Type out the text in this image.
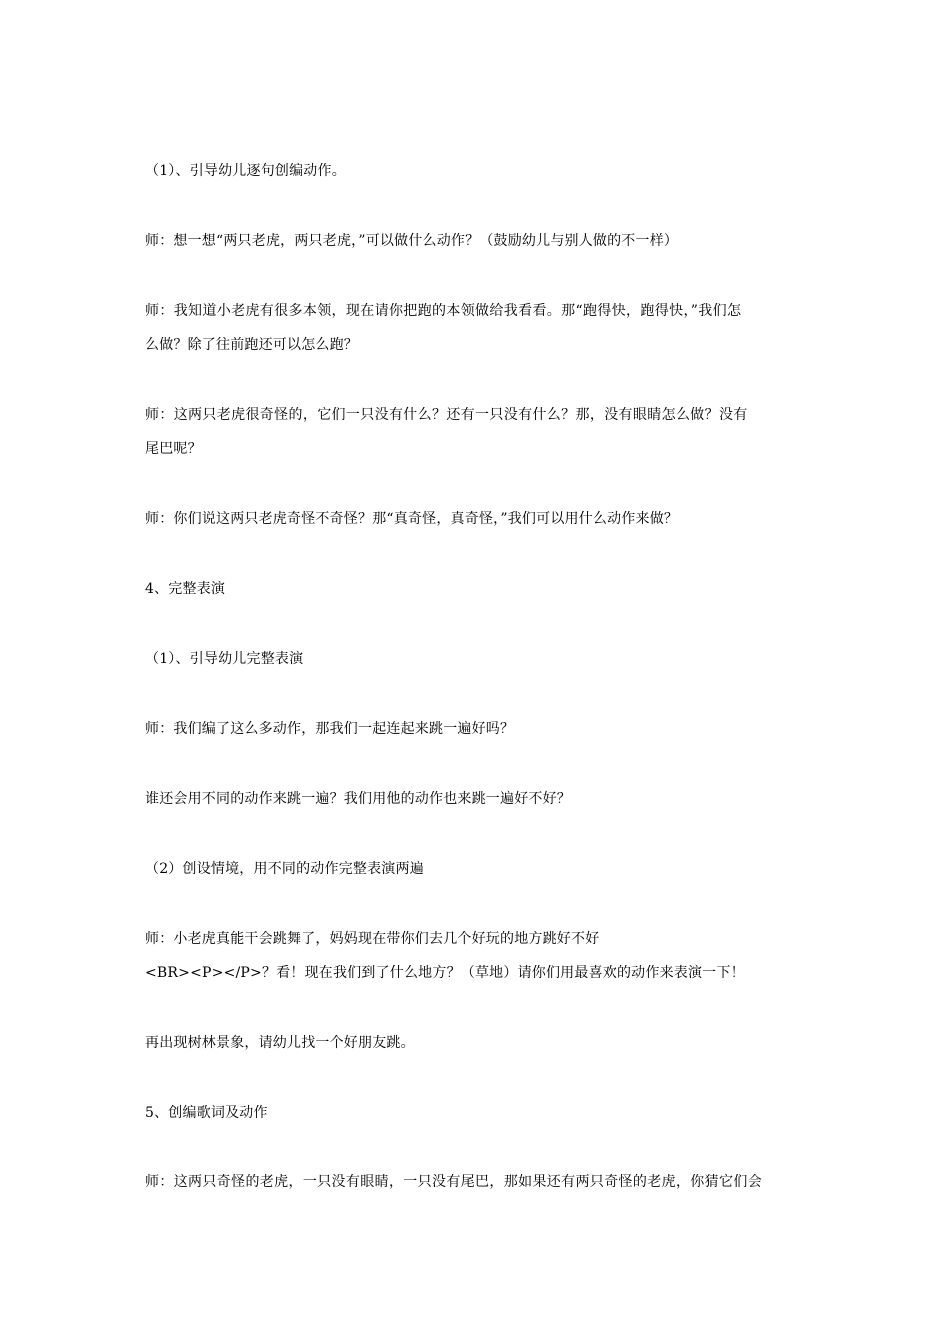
（1）、引导幼儿逐句创编动作。
师：想一想“两只老虎，两只老虎，”可以做什么动作？（鼓励幼儿与别人做的不一样）
师：我知道小老虎有很多本领，现在请你把跑的本领做给我看看。那“跑得快，跑得快，”我们怎
么做？除了往前跑还可以怎么跑？
师：这两只老虎很奇怪的，它们一只没有什么？还有一只没有什么？那，没有眼睛怎么做？没有
尾巴呢？
师：你们说这两只老虎奇怪不奇怪？那“真奇怪，真奇怪，”我们可以用什么动作来做？
4、完整表演
（1）、引导幼儿完整表演
师：我们编了这么多动作，那我们一起连起来跳一遍好吗？
谁还会用不同的动作来跳一遍？我们用他的动作也来跳一遍好不好？
（2）创设情境，用不同的动作完整表演两遍
师：小老虎真能干会跳舞了，妈妈现在带你们去几个好玩的地方跳好不好
<BR><P></P>？看！现在我们到了什么地方？（草地）请你们用最喜欢的动作来表演一下！
再出现树林景象，请幼儿找一个好朋友跳。
5、创编歌词及动作
师：这两只奇怪的老虎，一只没有眼睛，一只没有尾巴，那如果还有两只奇怪的老虎，你猜它们会
